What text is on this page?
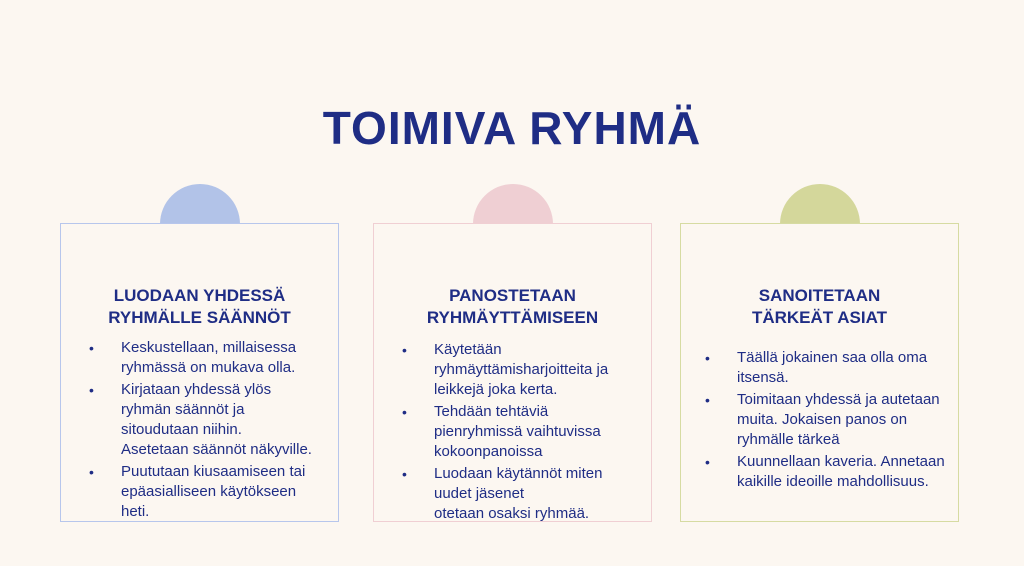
TOIMIVA RYHMÄ
LUODAAN YHDESSÄ
RYHMÄLLE SÄÄNNÖT
• Keskustellaan, millaisessa
ryhmässä on mukava olla.
• Kirjataan yhdessä ylös
ryhmän säännöt ja
sitoudutaan niihin.
Asetetaan säännöt näkyville.
• Puututaan kiusaamiseen tai
epäasialliseen käytökseen
heti.
PANOSTETAAN
RYHMÄYTTÄMISEEN
• Käytetään
ryhmäyttämisharjoitteita ja
leikkejä joka kerta.
• Tehdään tehtäviä
pienryhmissä vaihtuvissa
kokoonpanoissa
• Luodaan käytännöt miten
uudet jäsenet
otetaan osaksi ryhmää.
SANOITETAAN
TÄRKEÄT ASIAT
• Täällä jokainen saa olla oma
itsensä.
• Toimitaan yhdessä ja autetaan
muita. Jokaisen panos on
ryhmälle tärkeä
• Kuunnellaan kaveria. Annetaan
kaikille ideoille mahdollisuus.
